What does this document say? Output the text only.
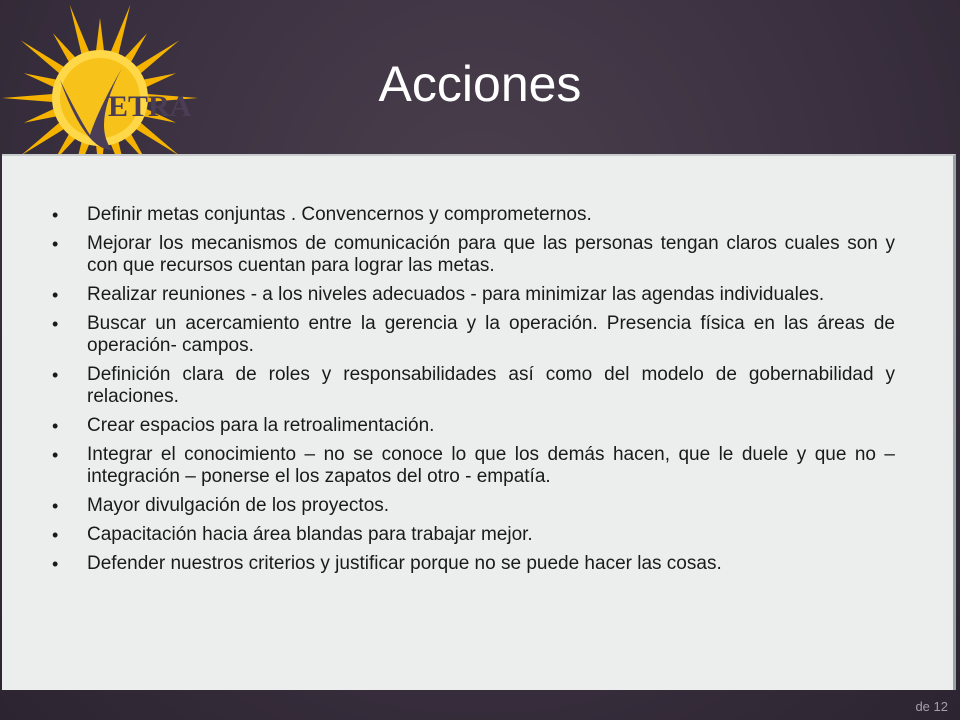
ETRA	Acciones
•	Definir metas conjuntas . Convencernos y comprometernos.
•	Mejorar los mecanismos de comunicación para que las personas tengan claros cuales son y con que recursos cuentan para lograr las metas.
•	Realizar reuniones - a los niveles adecuados - para minimizar las agendas individuales.
•	Buscar un acercamiento entre la gerencia y la operación. Presencia física en las áreas de operación- campos.
•	Definición clara de roles y responsabilidades así como del modelo de gobernabilidad y relaciones.
•	Crear espacios para la retroalimentación.
•	Integrar el conocimiento – no se conoce lo que los demás hacen, que le duele y que no – integración – ponerse el los zapatos del otro - empatía.
•	Mayor divulgación de los proyectos.
•	Capacitación hacia área blandas para trabajar mejor.
•	Defender nuestros criterios y justificar porque no se puede hacer las cosas.
de 12
